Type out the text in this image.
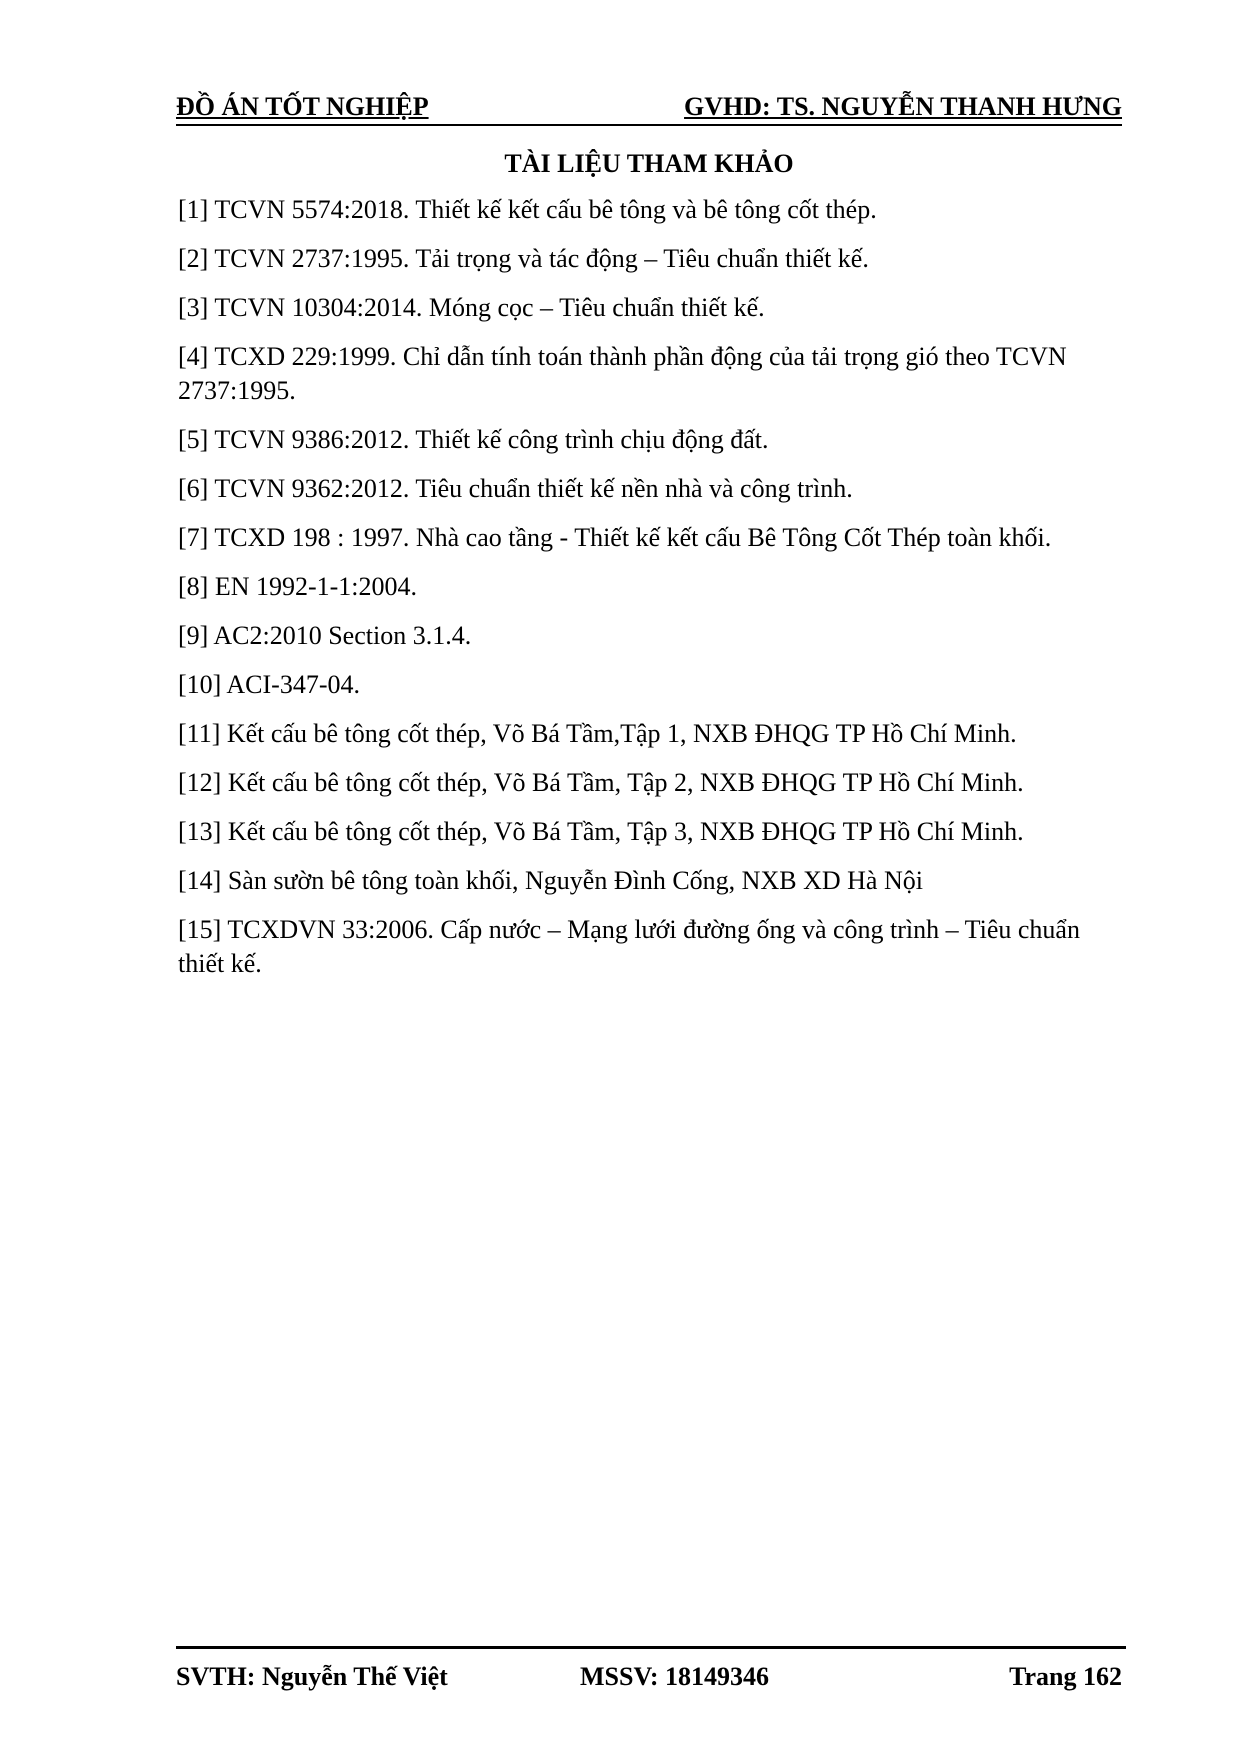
ĐỒ ÁN TỐT NGHIỆP	GVHD: TS. NGUYỄN THANH HƯNG
TÀI LIỆU THAM KHẢO
[1] TCVN 5574:2018. Thiết kế kết cấu bê tông và bê tông cốt thép.
[2] TCVN 2737:1995. Tải trọng và tác động – Tiêu chuẩn thiết kế.
[3] TCVN 10304:2014. Móng cọc – Tiêu chuẩn thiết kế.
[4] TCXD 229:1999. Chỉ dẫn tính toán thành phần động của tải trọng gió theo TCVN 2737:1995.
[5] TCVN 9386:2012. Thiết kế công trình chịu động đất.
[6] TCVN 9362:2012. Tiêu chuẩn thiết kế nền nhà và công trình.
[7] TCXD 198 : 1997. Nhà cao tầng - Thiết kế kết cấu Bê Tông Cốt Thép toàn khối.
[8] EN 1992-1-1:2004.
[9] AC2:2010 Section 3.1.4.
[10] ACI-347-04.
[11] Kết cấu bê tông cốt thép, Võ Bá Tầm,Tập 1, NXB ĐHQG TP Hồ Chí Minh.
[12] Kết cấu bê tông cốt thép, Võ Bá Tầm, Tập 2, NXB ĐHQG TP Hồ Chí Minh.
[13] Kết cấu bê tông cốt thép, Võ Bá Tầm, Tập 3, NXB ĐHQG TP Hồ Chí Minh.
[14] Sàn sườn bê tông toàn khối, Nguyễn Đình Cống, NXB XD Hà Nội
[15] TCXDVN 33:2006. Cấp nước – Mạng lưới đường ống và công trình – Tiêu chuẩn thiết kế.
SVTH: Nguyễn Thế Việt	MSSV: 18149346	Trang 162
